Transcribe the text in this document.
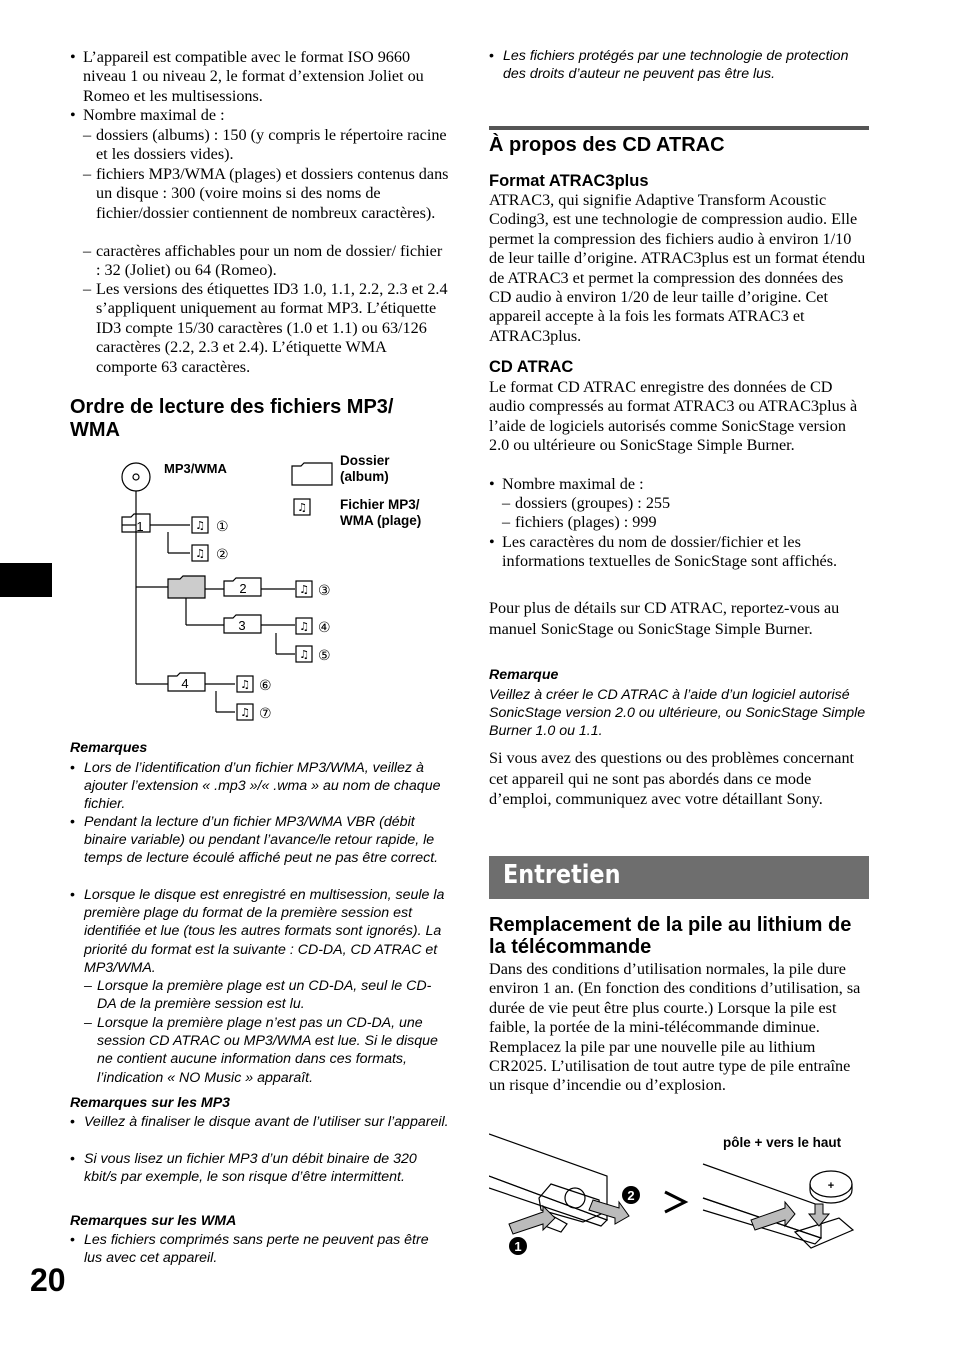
20
• L’appareil est compatible avec le format ISO 9660 niveau 1 ou niveau 2, le format d’extension Joliet ou Romeo et les multisessions.
• Nombre maximal de :
– dossiers (albums) : 150 (y compris le répertoire racine et les dossiers vides).
– fichiers MP3/WMA (plages) et dossiers contenus dans un disque : 300 (voire moins si des noms de fichier/dossier contiennent de nombreux caractères).
– caractères affichables pour un nom de dossier/ fichier : 32 (Joliet) ou 64 (Romeo).
– Les versions des étiquettes ID3 1.0, 1.1, 2.2, 2.3 et 2.4 s’appliquent uniquement au format MP3. L’étiquette ID3 compte 15/30 caractères (1.0 et 1.1) ou 63/126 caractères (2.2, 2.3 et 2.4). L’étiquette WMA comporte 63 caractères.
Ordre de lecture des fichiers MP3/ WMA
♫
♫
♫
♫
♫
♫
♫
♫
1
2
3
4
①
②
③
④
⑤
⑥
⑦
MP3/WMA
Dossier (album)
Fichier MP3/ WMA (plage)
Remarques
• Lors de l’identification d’un fichier MP3/WMA, veillez à ajouter l’extension « .mp3 »/« .wma » au nom de chaque fichier.
• Pendant la lecture d’un fichier MP3/WMA VBR (débit binaire variable) ou pendant l’avance/le retour rapide, le temps de lecture écoulé affiché peut ne pas être correct.
• Lorsque le disque est enregistré en multisession, seule la première plage du format de la première session est identifiée et lue (tous les autres formats sont ignorés). La priorité du format est la suivante : CD-DA, CD ATRAC et MP3/WMA.
– Lorsque la première plage est un CD-DA, seul le CD-DA de la première session est lu.
– Lorsque la première plage n’est pas un CD-DA, une session CD ATRAC ou MP3/WMA est lue. Si le disque ne contient aucune information dans ces formats, l’indication « NO Music » apparaît.
Remarques sur les MP3
• Veillez à finaliser le disque avant de l’utiliser sur l’appareil.
• Si vous lisez un fichier MP3 d’un débit binaire de 320 kbit/s par exemple, le son risque d’être intermittent.
Remarques sur les WMA
• Les fichiers comprimés sans perte ne peuvent pas être lus avec cet appareil.
• Les fichiers protégés par une technologie de protection des droits d’auteur ne peuvent pas être lus.
À propos des CD ATRAC
Format ATRAC3plus
ATRAC3, qui signifie Adaptive Transform Acoustic Coding3, est une technologie de compression audio. Elle permet la compression des fichiers audio à environ 1/10 de leur taille d’origine. ATRAC3plus est un format étendu de ATRAC3 et permet la compression des données des CD audio à environ 1/20 de leur taille d’origine. Cet appareil accepte à la fois les formats ATRAC3 et ATRAC3plus.
CD ATRAC
Le format CD ATRAC enregistre des données de CD audio compressés au format ATRAC3 ou ATRAC3plus à l’aide de logiciels autorisés comme SonicStage version 2.0 ou ultérieure ou SonicStage Simple Burner.
• Nombre maximal de :
– dossiers (groupes) : 255
– fichiers (plages) : 999
• Les caractères du nom de dossier/fichier et les informations textuelles de SonicStage sont affichés.
Pour plus de détails sur CD ATRAC, reportez-vous au manuel SonicStage ou SonicStage Simple Burner.
Remarque
Veillez à créer le CD ATRAC à l’aide d’un logiciel autorisé SonicStage version 2.0 ou ultérieure, ou SonicStage Simple Burner 1.0 ou 1.1.
Si vous avez des questions ou des problèmes concernant cet appareil qui ne sont pas abordés dans ce mode d’emploi, communiquez avec votre détaillant Sony.
Entretien
Remplacement de la pile au lithium de la télécommande
Dans des conditions d’utilisation normales, la pile dure environ 1 an. (En fonction des conditions d’utilisation, sa durée de vie peut être plus courte.) Lorsque la pile est faible, la portée de la mini-télécommande diminue. Remplacez la pile par une nouvelle pile au lithium CR2025. L’utilisation de tout autre type de pile entraîne un risque d’incendie ou d’explosion.
pôle + vers le haut
1
2
+
